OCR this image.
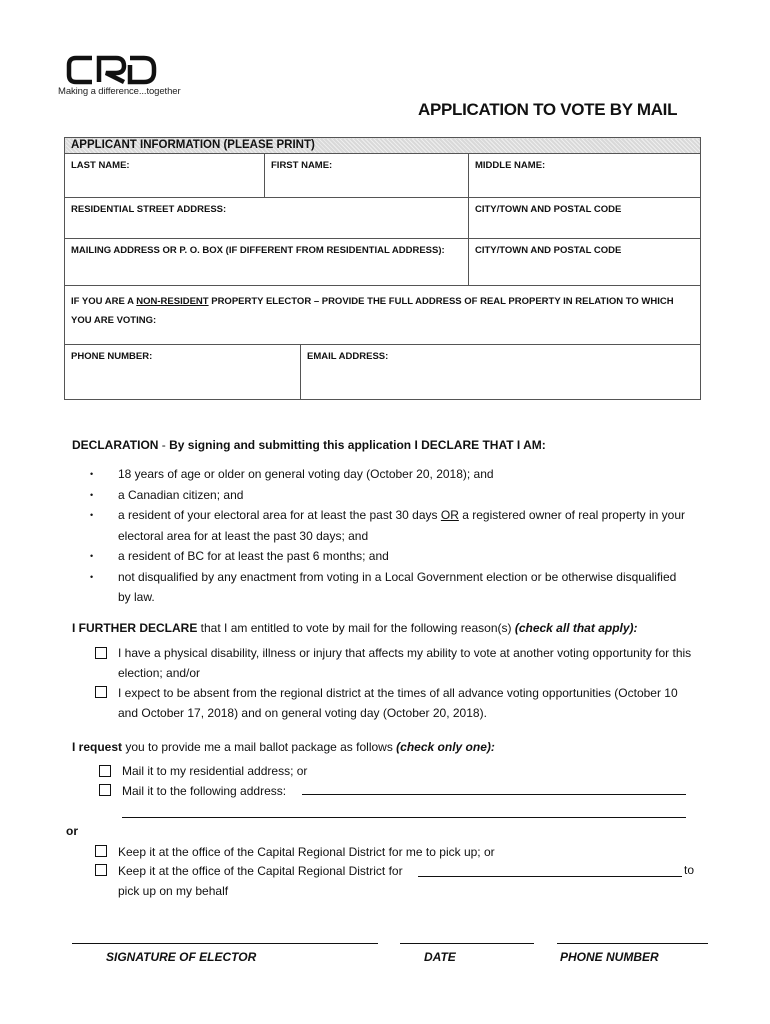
CRD
Making a difference...together
APPLICATION TO VOTE BY MAIL
APPLICANT INFORMATION (PLEASE PRINT)			
LAST NAME:	FIRST NAME:		MIDDLE NAME:
RESIDENTIAL STREET ADDRESS:			CITY/TOWN AND POSTAL CODE
MAILING ADDRESS OR P. O. BOX (IF DIFFERENT FROM RESIDENTIAL ADDRESS):			CITY/TOWN AND POSTAL CODE
IF YOU ARE A NON-RESIDENT PROPERTY ELECTOR – PROVIDE THE FULL ADDRESS OF REAL PROPERTY IN RELATION TO WHICH YOU ARE VOTING:			
PHONE NUMBER:		EMAIL ADDRESS:	
DECLARATION - By signing and submitting this application I DECLARE THAT I AM:
• 18 years of age or older on general voting day (October 20, 2018); and
• a Canadian citizen; and
• a resident of your electoral area for at least the past 30 days OR a registered owner of real property in your electoral area for at least the past 30 days; and
• a resident of BC for at least the past 6 months; and
• not disqualified by any enactment from voting in a Local Government election or be otherwise disqualified by law.
I FURTHER DECLARE that I am entitled to vote by mail for the following reason(s) (check all that apply):
I have a physical disability, illness or injury that affects my ability to vote at another voting opportunity for this election; and/or
I expect to be absent from the regional district at the times of all advance voting opportunities (October 10 and October 17, 2018) and on general voting day (October 20, 2018).
I request you to provide me a mail ballot package as follows (check only one):
Mail it to my residential address; or
Mail it to the following address:
or
Keep it at the office of the Capital Regional District for me to pick up; or
Keep it at the office of the Capital Regional District for	to
pick up on my behalf
SIGNATURE OF ELECTOR	DATE	PHONE NUMBER
